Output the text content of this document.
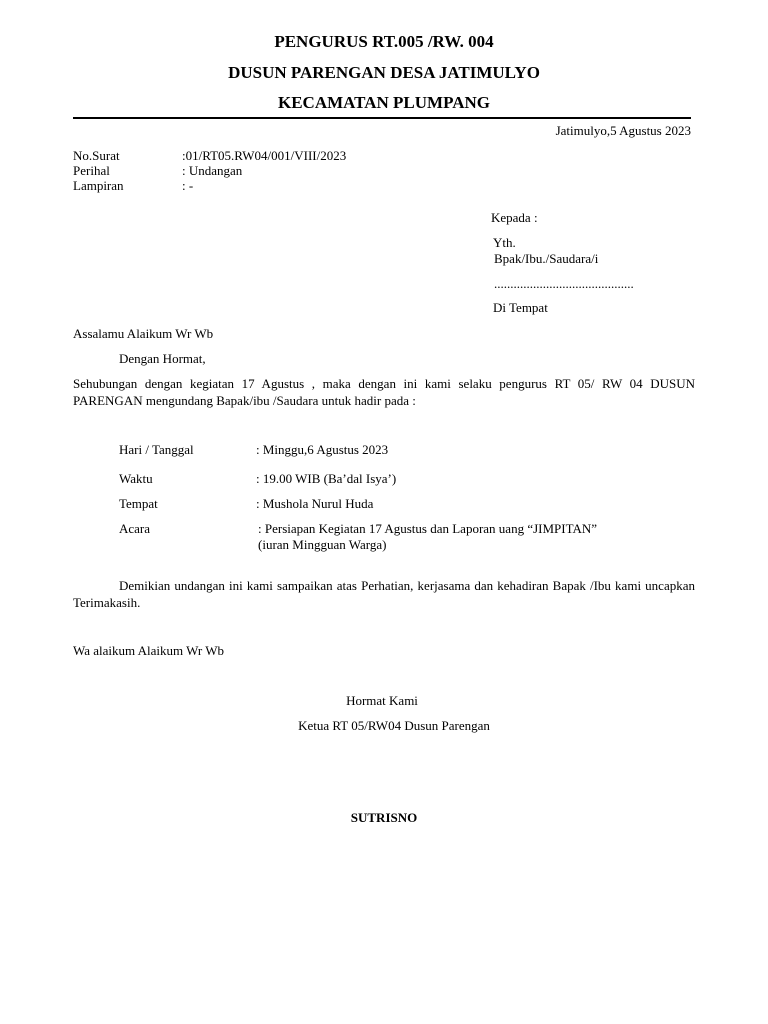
PENGURUS RT.005 /RW. 004
DUSUN PARENGAN DESA JATIMULYO
KECAMATAN PLUMPANG
Jatimulyo,5 Agustus 2023
No.Surat	:01/RT05.RW04/001/VIII/2023
Perihal	: Undangan
Lampiran	: -
Kepada :
Yth.
Bpak/Ibu./Saudara/i
...........................................
Di Tempat
Assalamu Alaikum Wr Wb
Dengan Hormat,
Sehubungan dengan kegiatan 17 Agustus , maka dengan ini kami selaku pengurus RT 05/ RW 04 DUSUN PARENGAN mengundang Bapak/ibu /Saudara untuk hadir pada :
Hari / Tanggal	: Minggu,6 Agustus 2023
Waktu	: 19.00 WIB (Ba’dal Isya’)
Tempat	: Mushola Nurul Huda
Acara	: Persiapan Kegiatan 17 Agustus dan Laporan uang “JIMPITAN”
(iuran Mingguan Warga)
Demikian undangan ini kami sampaikan atas Perhatian, kerjasama dan kehadiran Bapak /Ibu kami uncapkan Terimakasih.
Wa alaikum Alaikum Wr Wb
Hormat Kami
Ketua RT 05/RW04 Dusun Parengan
SUTRISNO
